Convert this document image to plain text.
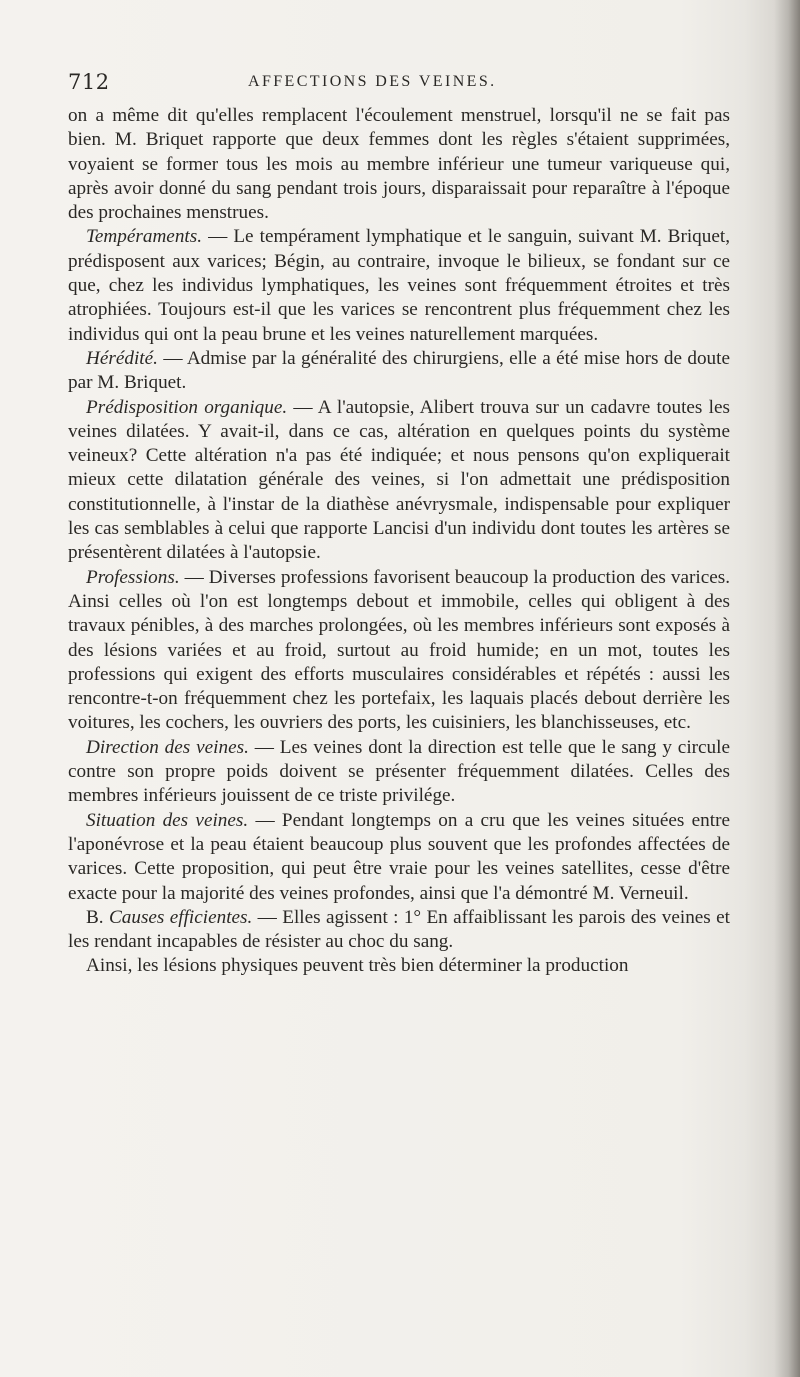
712	AFFECTIONS DES VEINES.

on a même dit qu'elles remplacent l'écoulement menstruel, lorsqu'il ne se fait pas bien. M. Briquet rapporte que deux femmes dont les règles s'étaient supprimées, voyaient se former tous les mois au membre inférieur une tumeur variqueuse qui, après avoir donné du sang pendant trois jours, disparaissait pour reparaître à l'époque des prochaines menstrues.

Tempéraments. — Le tempérament lymphatique et le sanguin, suivant M. Briquet, prédisposent aux varices; Bégin, au contraire, invoque le bilieux, se fondant sur ce que, chez les individus lymphatiques, les veines sont fréquemment étroites et très atrophiées. Toujours est-il que les varices se rencontrent plus fréquemment chez les individus qui ont la peau brune et les veines naturellement marquées.

Hérédité. — Admise par la généralité des chirurgiens, elle a été mise hors de doute par M. Briquet.

Prédisposition organique. — A l'autopsie, Alibert trouva sur un cadavre toutes les veines dilatées. Y avait-il, dans ce cas, altération en quelques points du système veineux? Cette altération n'a pas été indiquée; et nous pensons qu'on expliquerait mieux cette dilatation générale des veines, si l'on admettait une prédisposition constitutionnelle, à l'instar de la diathèse anévrysmale, indispensable pour expliquer les cas semblables à celui que rapporte Lancisi d'un individu dont toutes les artères se présentèrent dilatées à l'autopsie.

Professions. — Diverses professions favorisent beaucoup la production des varices. Ainsi celles où l'on est longtemps debout et immobile, celles qui obligent à des travaux pénibles, à des marches prolongées, où les membres inférieurs sont exposés à des lésions variées et au froid, surtout au froid humide; en un mot, toutes les professions qui exigent des efforts musculaires considérables et répétés : aussi les rencontre-t-on fréquemment chez les portefaix, les laquais placés debout derrière les voitures, les cochers, les ouvriers des ports, les cuisiniers, les blanchisseuses, etc.

Direction des veines. — Les veines dont la direction est telle que le sang y circule contre son propre poids doivent se présenter fréquemment dilatées. Celles des membres inférieurs jouissent de ce triste privilége.

Situation des veines. — Pendant longtemps on a cru que les veines situées entre l'aponévrose et la peau étaient beaucoup plus souvent que les profondes affectées de varices. Cette proposition, qui peut être vraie pour les veines satellites, cesse d'être exacte pour la majorité des veines profondes, ainsi que l'a démontré M. Verneuil.

B. Causes efficientes. — Elles agissent : 1° En affaiblissant les parois des veines et les rendant incapables de résister au choc du sang.

Ainsi, les lésions physiques peuvent très bien déterminer la production
